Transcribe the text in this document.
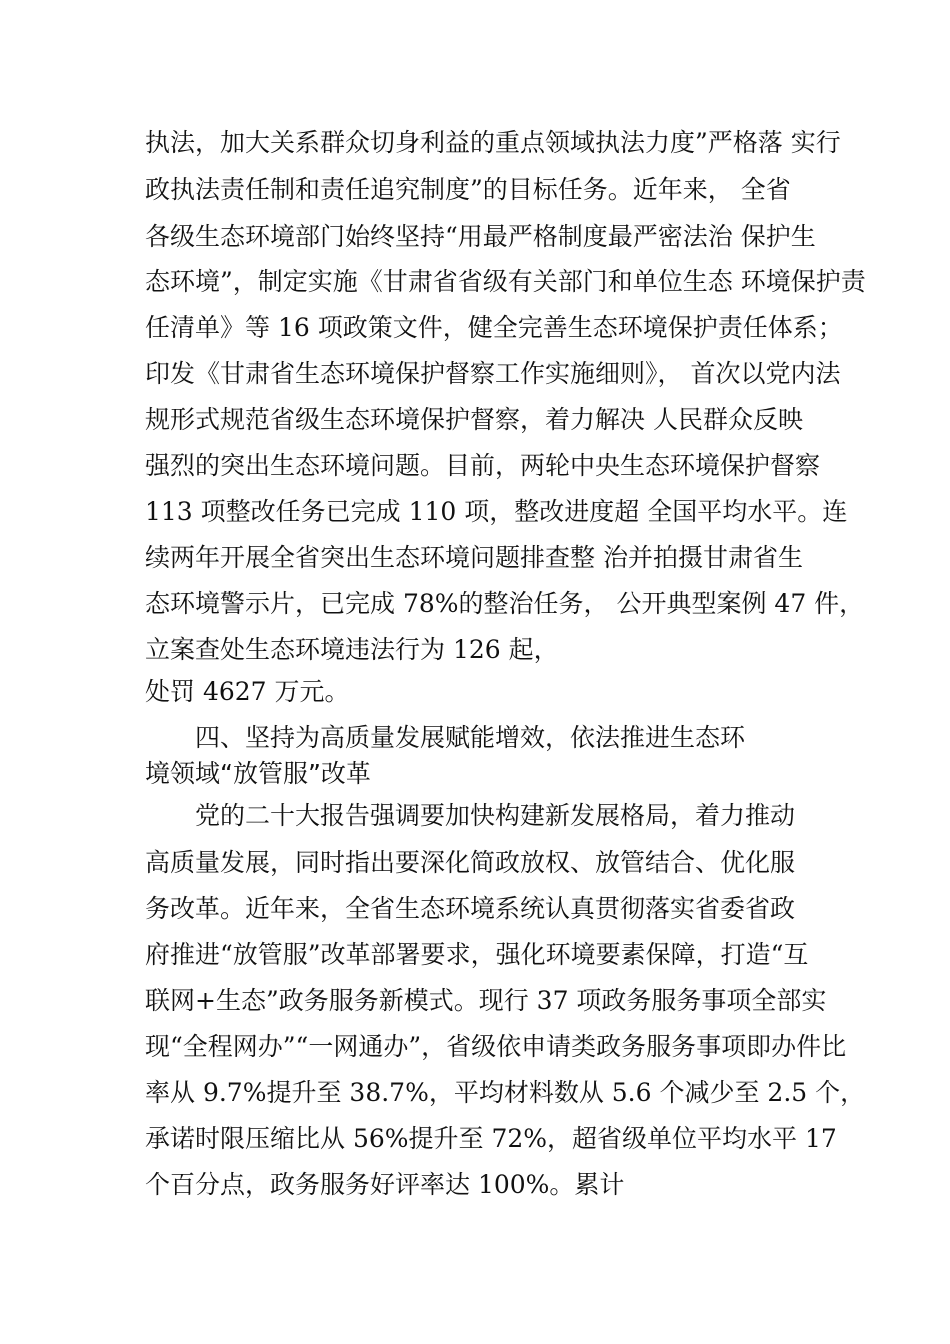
执法，加大关系群众切身利益的重点领域执法力度”严格落 实行
政执法责任制和责任追究制度”的目标任务。近年来， 全省
各级生态环境部门始终坚持“用最严格制度最严密法治 保护生
态环境”，制定实施《甘肃省省级有关部门和单位生态 环境保护责
任清单》等 16 项政策文件，健全完善生态环境保护责任体系；
印发《甘肃省生态环境保护督察工作实施细则》， 首次以党内法
规形式规范省级生态环境保护督察，着力解决 人民群众反映
强烈的突出生态环境问题。目前，两轮中央生态环境保护督察
113 项整改任务已完成 110 项，整改进度超 全国平均水平。连
续两年开展全省突出生态环境问题排查整 治并拍摄甘肃省生
态环境警示片，已完成 78%的整治任务， 公开典型案例 47 件，
立案查处生态环境违法行为 126 起，
处罚 4627 万元。
四、坚持为高质量发展赋能增效，依法推进生态环
境领域“放管服”改革
党的二十大报告强调要加快构建新发展格局，着力推动
高质量发展，同时指出要深化简政放权、放管结合、优化服
务改革。近年来，全省生态环境系统认真贯彻落实省委省政
府推进“放管服”改革部署要求，强化环境要素保障，打造“互
联网+生态”政务服务新模式。现行 37 项政务服务事项全部实
现“全程网办”“一网通办”，省级依申请类政务服务事项即办件比
率从 9.7%提升至 38.7%，平均材料数从 5.6 个减少至 2.5 个，
承诺时限压缩比从 56%提升至 72%，超省级单位平均水平 17
个百分点，政务服务好评率达 100%。累计
